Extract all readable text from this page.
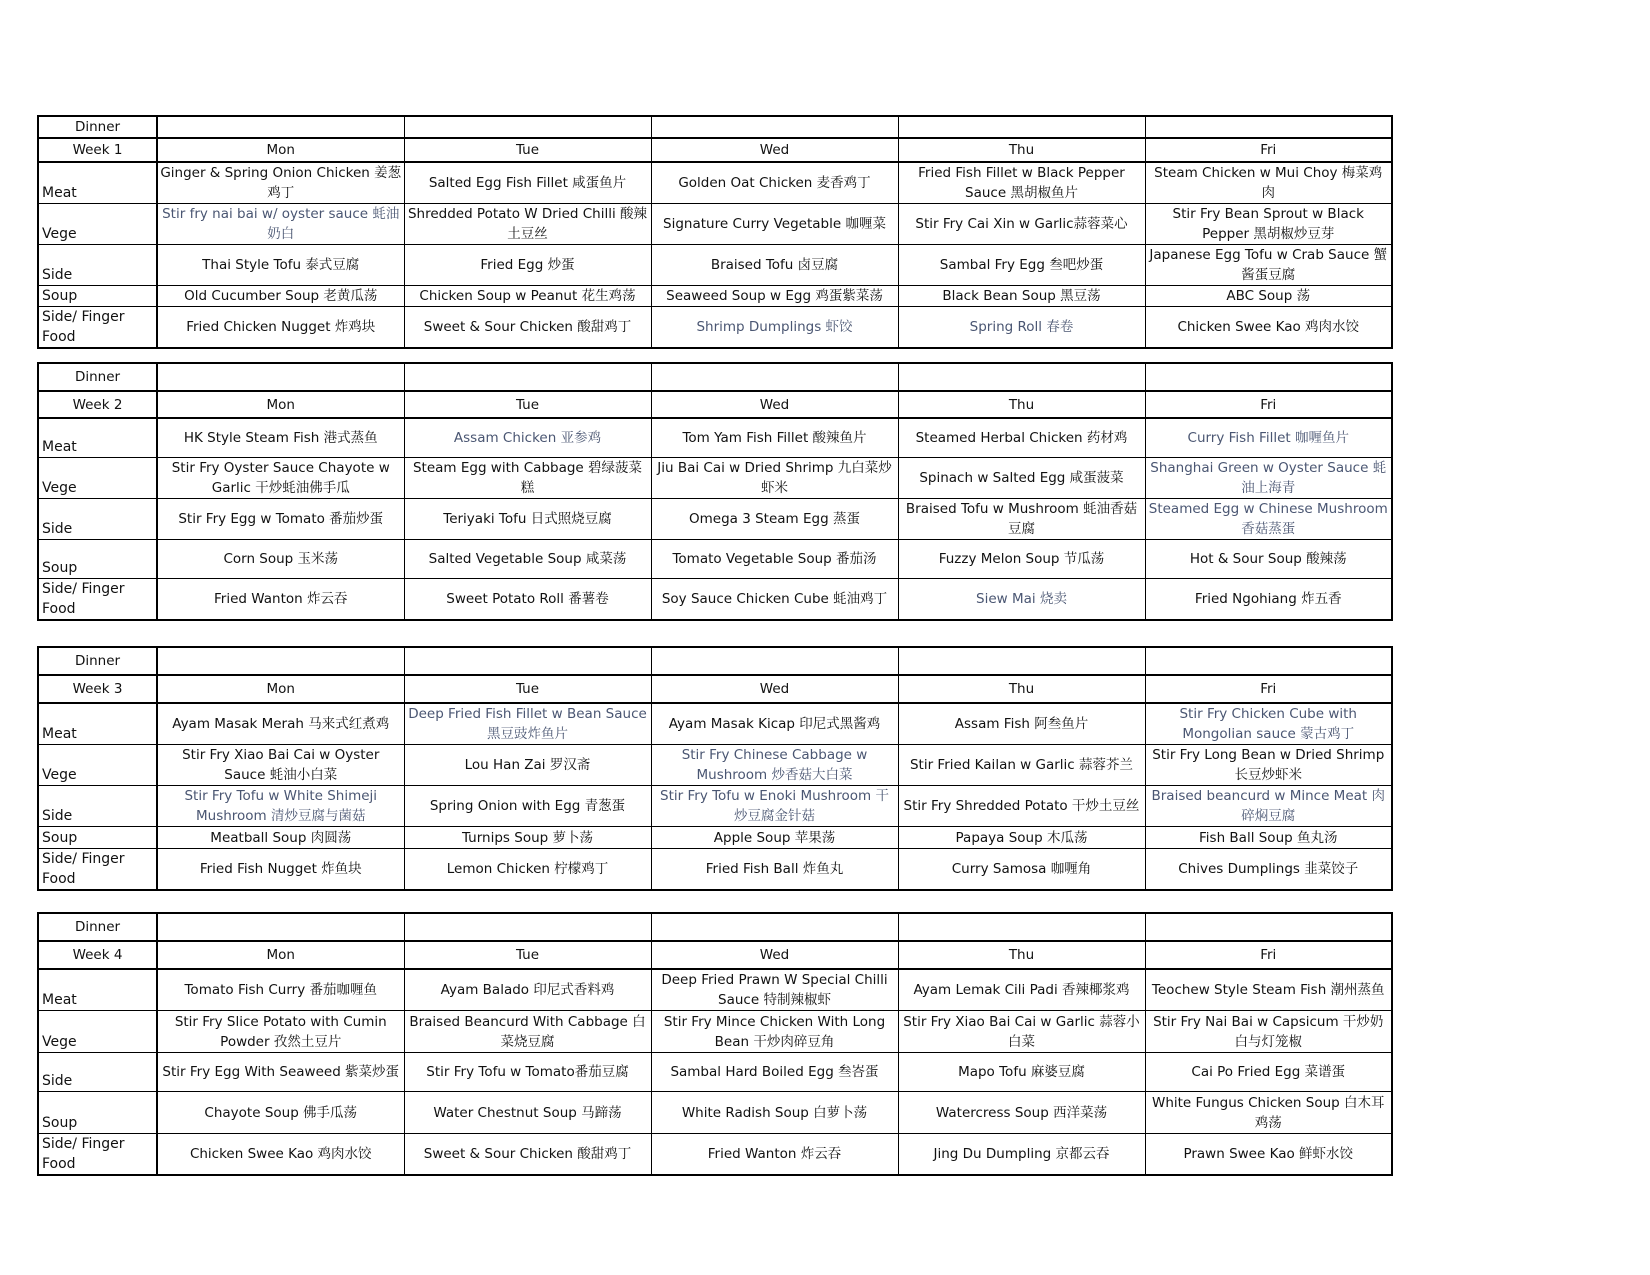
Dinner					
Week 1	Mon	Tue	Wed	Thu	Fri
Meat	Ginger & Spring Onion Chicken 姜葱鸡丁	Salted Egg Fish Fillet 咸蛋鱼片	Golden Oat Chicken 麦香鸡丁	Fried Fish Fillet w Black Pepper Sauce 黑胡椒鱼片	Steam Chicken w Mui Choy 梅菜鸡肉
Vege	Stir fry nai bai w/ oyster sauce 蚝油奶白	Shredded Potato W Dried Chilli 酸辣土豆丝	Signature Curry Vegetable 咖喱菜	Stir Fry Cai Xin w Garlic蒜蓉菜心	Stir Fry Bean Sprout w Black Pepper 黑胡椒炒豆芽
Side	Thai Style Tofu 泰式豆腐	Fried Egg 炒蛋	Braised Tofu 卤豆腐	Sambal Fry Egg 叁吧炒蛋	Japanese Egg Tofu w Crab Sauce 蟹酱蛋豆腐
Soup	Old Cucumber Soup 老黄瓜荡	Chicken Soup w Peanut 花生鸡荡	Seaweed Soup w Egg 鸡蛋紫菜荡	Black Bean Soup 黑豆荡	ABC Soup 荡
Side/ Finger Food	Fried Chicken Nugget 炸鸡块	Sweet & Sour Chicken 酸甜鸡丁	Shrimp Dumplings 虾饺	Spring Roll 春卷	Chicken Swee Kao 鸡肉水饺
Dinner					
Week 2	Mon	Tue	Wed	Thu	Fri
Meat	HK Style Steam Fish 港式蒸鱼	Assam Chicken 亚参鸡	Tom Yam Fish Fillet 酸辣鱼片	Steamed Herbal Chicken 药材鸡	Curry Fish Fillet 咖喱鱼片
Vege	Stir Fry Oyster Sauce Chayote w Garlic 干炒蚝油佛手瓜	Steam Egg with Cabbage 碧绿菠菜糕	Jiu Bai Cai w Dried Shrimp 九白菜炒虾米	Spinach w Salted Egg 咸蛋菠菜	Shanghai Green w Oyster Sauce 蚝油上海青
Side	Stir Fry Egg w Tomato 番茄炒蛋	Teriyaki Tofu 日式照烧豆腐	Omega 3 Steam Egg 蒸蛋	Braised Tofu w Mushroom 蚝油香菇豆腐	Steamed Egg w Chinese Mushroom 香菇蒸蛋
Soup	Corn Soup 玉米荡	Salted Vegetable Soup 咸菜荡	Tomato Vegetable Soup 番茄汤	Fuzzy Melon Soup 节瓜荡	Hot & Sour Soup 酸辣荡
Side/ Finger Food	Fried Wanton 炸云吞	Sweet Potato Roll 番薯卷	Soy Sauce Chicken Cube 蚝油鸡丁	Siew Mai 烧卖	Fried Ngohiang 炸五香
Dinner					
Week 3	Mon	Tue	Wed	Thu	Fri
Meat	Ayam Masak Merah 马来式红煮鸡	Deep Fried Fish Fillet w Bean Sauce 黑豆豉炸鱼片	Ayam Masak Kicap 印尼式黑酱鸡	Assam Fish 阿叁鱼片	Stir Fry Chicken Cube with Mongolian sauce 蒙古鸡丁
Vege	Stir Fry Xiao Bai Cai w Oyster Sauce 蚝油小白菜	Lou Han Zai 罗汉斋	Stir Fry Chinese Cabbage w Mushroom 炒香菇大白菜	Stir Fried Kailan w Garlic 蒜蓉芥兰	Stir Fry Long Bean w Dried Shrimp 长豆炒虾米
Side	Stir Fry Tofu w White Shimeji Mushroom 清炒豆腐与菌菇	Spring Onion with Egg 青葱蛋	Stir Fry Tofu w Enoki Mushroom 干炒豆腐金针菇	Stir Fry Shredded Potato 干炒土豆丝	Braised beancurd w Mince Meat 肉碎焖豆腐
Soup	Meatball Soup 肉圆荡	Turnips Soup 萝卜荡	Apple Soup 苹果荡	Papaya Soup 木瓜荡	Fish Ball Soup 鱼丸汤
Side/ Finger Food	Fried Fish Nugget 炸鱼块	Lemon Chicken 柠檬鸡丁	Fried Fish Ball 炸鱼丸	Curry Samosa 咖喱角	Chives Dumplings 韭菜饺子
Dinner					
Week 4	Mon	Tue	Wed	Thu	Fri
Meat	Tomato Fish Curry 番茄咖喱鱼	Ayam Balado 印尼式香料鸡	Deep Fried Prawn W Special Chilli Sauce 特制辣椒虾	Ayam Lemak Cili Padi 香辣椰浆鸡	Teochew Style Steam Fish 潮州蒸鱼
Vege	Stir Fry Slice Potato with Cumin Powder 孜然土豆片	Braised Beancurd With Cabbage 白菜烧豆腐	Stir Fry Mince Chicken With Long Bean 干炒肉碎豆角	Stir Fry Xiao Bai Cai w Garlic 蒜蓉小白菜	Stir Fry Nai Bai w Capsicum 干炒奶白与灯笼椒
Side	Stir Fry Egg With Seaweed 紫菜炒蛋	Stir Fry Tofu w Tomato番茄豆腐	Sambal Hard Boiled Egg 叁峇蛋	Mapo Tofu 麻婆豆腐	Cai Po Fried Egg 菜谱蛋
Soup	Chayote Soup 佛手瓜荡	Water Chestnut Soup 马蹄荡	White Radish Soup 白萝卜荡	Watercress Soup 西洋菜荡	White Fungus Chicken Soup 白木耳鸡荡
Side/ Finger Food	Chicken Swee Kao 鸡肉水饺	Sweet & Sour Chicken 酸甜鸡丁	Fried Wanton 炸云吞	Jing Du Dumpling 京都云吞	Prawn Swee Kao 鲜虾水饺
